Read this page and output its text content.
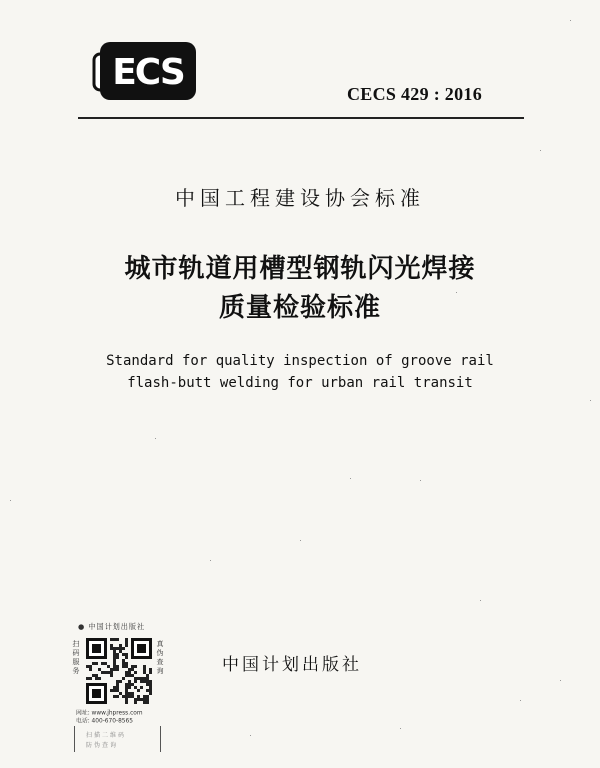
ECS
CECS 429 : 2016
中国工程建设协会标准
城市轨道用槽型钢轨闪光焊接
质量检验标准
Standard for quality inspection of groove rail
flash-butt welding for urban rail transit
中国计划出版社
● 中国计划出版社
扫码服务
真伪查询
网址: www.jhpress.com
电话: 400-670-8565
扫描二维码
防伪查询
